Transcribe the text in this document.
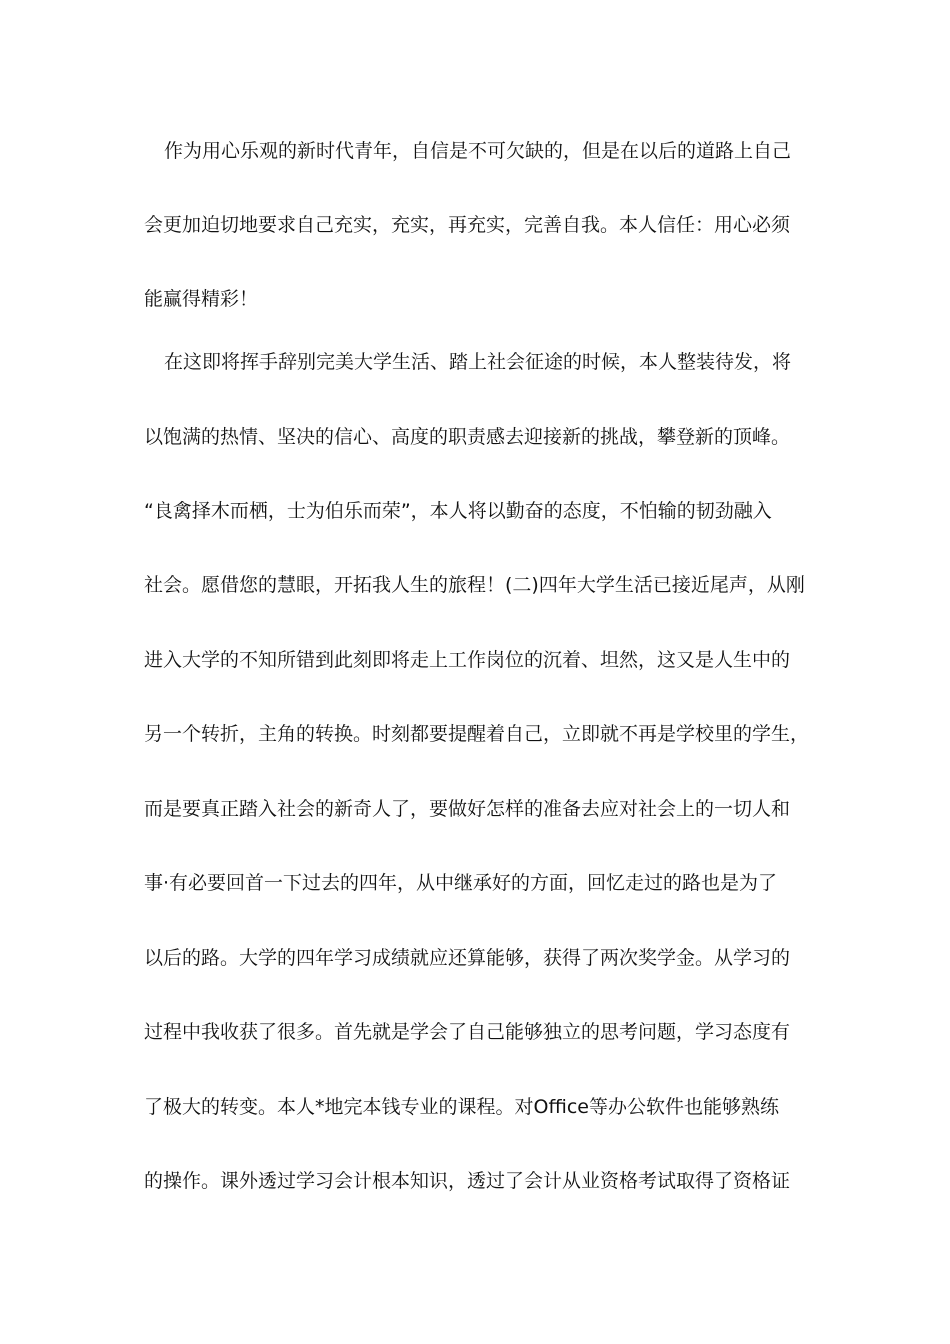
作为用心乐观的新时代青年，自信是不可欠缺的，但是在以后的道路上自己
会更加迫切地要求自己充实，充实，再充实，完善自我。本人信任：用心必须
能赢得精彩！
在这即将挥手辞别完美大学生活、踏上社会征途的时候，本人整装待发，将
以饱满的热情、坚决的信心、高度的职责感去迎接新的挑战，攀登新的顶峰。
“良禽择木而栖，士为伯乐而荣”，本人将以勤奋的态度，不怕输的韧劲融入
社会。愿借您的慧眼，开拓我人生的旅程！(二)四年大学生活已接近尾声，从刚
进入大学的不知所错到此刻即将走上工作岗位的沉着、坦然，这又是人生中的
另一个转折，主角的转换。时刻都要提醒着自己，立即就不再是学校里的学生，
而是要真正踏入社会的新奇人了，要做好怎样的准备去应对社会上的一切人和
事·有必要回首一下过去的四年，从中继承好的方面，回忆走过的路也是为了
以后的路。大学的四年学习成绩就应还算能够，获得了两次奖学金。从学习的
过程中我收获了很多。首先就是学会了自己能够独立的思考问题，学习态度有
了极大的转变。本人*地完本钱专业的课程。对Office等办公软件也能够熟练
的操作。课外透过学习会计根本知识，透过了会计从业资格考试取得了资格证
